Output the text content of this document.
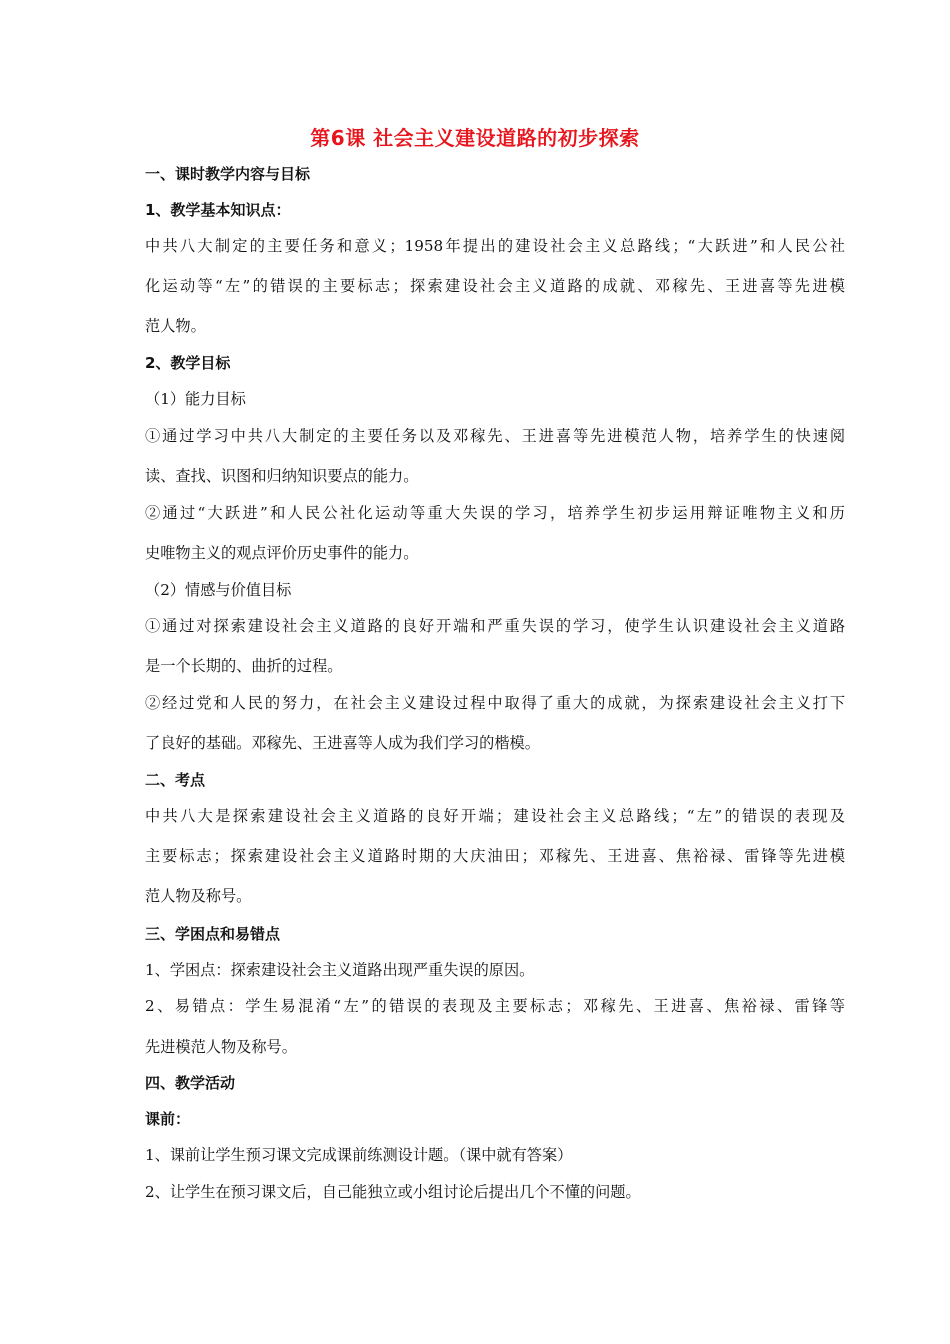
第6课 社会主义建设道路的初步探索
一、课时教学内容与目标
1、教学基本知识点：
中共八大制定的主要任务和意义；1958年提出的建设社会主义总路线；“大跃进”和人民公社
化运动等“左”的错误的主要标志；探索建设社会主义道路的成就、邓稼先、王进喜等先进模
范人物。
2、教学目标
（1）能力目标
①通过学习中共八大制定的主要任务以及邓稼先、王进喜等先进模范人物，培养学生的快速阅
读、查找、识图和归纳知识要点的能力。
②通过“大跃进”和人民公社化运动等重大失误的学习，培养学生初步运用辩证唯物主义和历
史唯物主义的观点评价历史事件的能力。
（2）情感与价值目标
①通过对探索建设社会主义道路的良好开端和严重失误的学习，使学生认识建设社会主义道路
是一个长期的、曲折的过程。
②经过党和人民的努力，在社会主义建设过程中取得了重大的成就，为探索建设社会主义打下
了良好的基础。邓稼先、王进喜等人成为我们学习的楷模。
二、考点
中共八大是探索建设社会主义道路的良好开端；建设社会主义总路线；“左”的错误的表现及
主要标志；探索建设社会主义道路时期的大庆油田；邓稼先、王进喜、焦裕禄、雷锋等先进模
范人物及称号。
三、学困点和易错点
1、学困点：探索建设社会主义道路出现严重失误的原因。
2、易错点：学生易混淆“左”的错误的表现及主要标志；邓稼先、王进喜、焦裕禄、雷锋等
先进模范人物及称号。
四、教学活动
课前：
1、课前让学生预习课文完成课前练测设计题。（课中就有答案）
2、让学生在预习课文后，自己能独立或小组讨论后提出几个不懂的问题。
